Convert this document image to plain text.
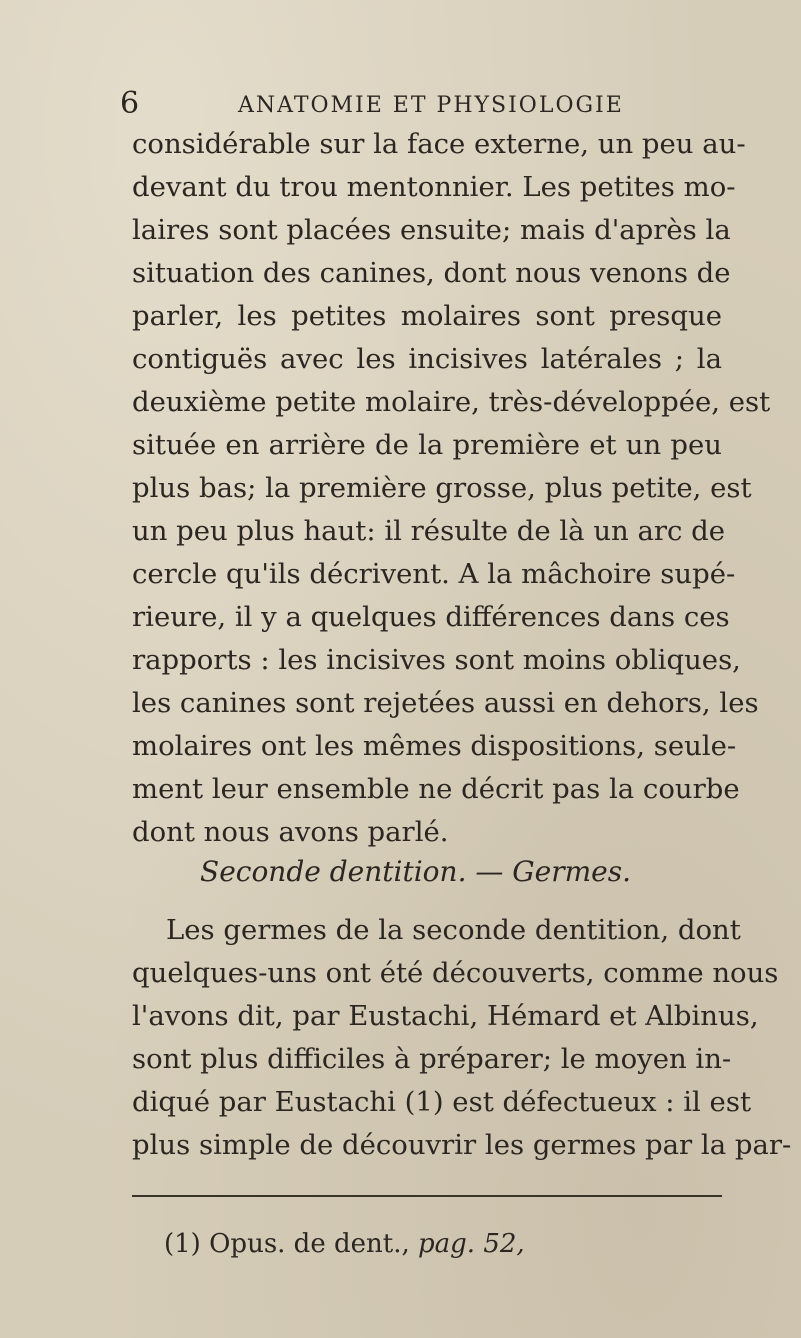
6	ANATOMIE ET PHYSIOLOGIE
considérable sur la face externe, un peu au-
devant du trou mentonnier. Les petites mo-
laires sont placées ensuite; mais d'après la
situation des canines, dont nous venons de
parler, les petites molaires sont presque
contiguës avec les incisives latérales ; la
deuxième petite molaire, très-développée, est
située en arrière de la première et un peu
plus bas; la première grosse, plus petite, est
un peu plus haut: il résulte de là un arc de
cercle qu'ils décrivent. A la mâchoire supé-
rieure, il y a quelques différences dans ces
rapports : les incisives sont moins obliques,
les canines sont rejetées aussi en dehors, les
molaires ont les mêmes dispositions, seule-
ment leur ensemble ne décrit pas la courbe
dont nous avons parlé.
Seconde dentition. — Germes.
Les germes de la seconde dentition, dont
quelques-uns ont été découverts, comme nous
l'avons dit, par Eustachi, Hémard et Albinus,
sont plus difficiles à préparer; le moyen in-
diqué par Eustachi (1) est défectueux : il est
plus simple de découvrir les germes par la par-
(1) Opus. de dent., pag. 52,
